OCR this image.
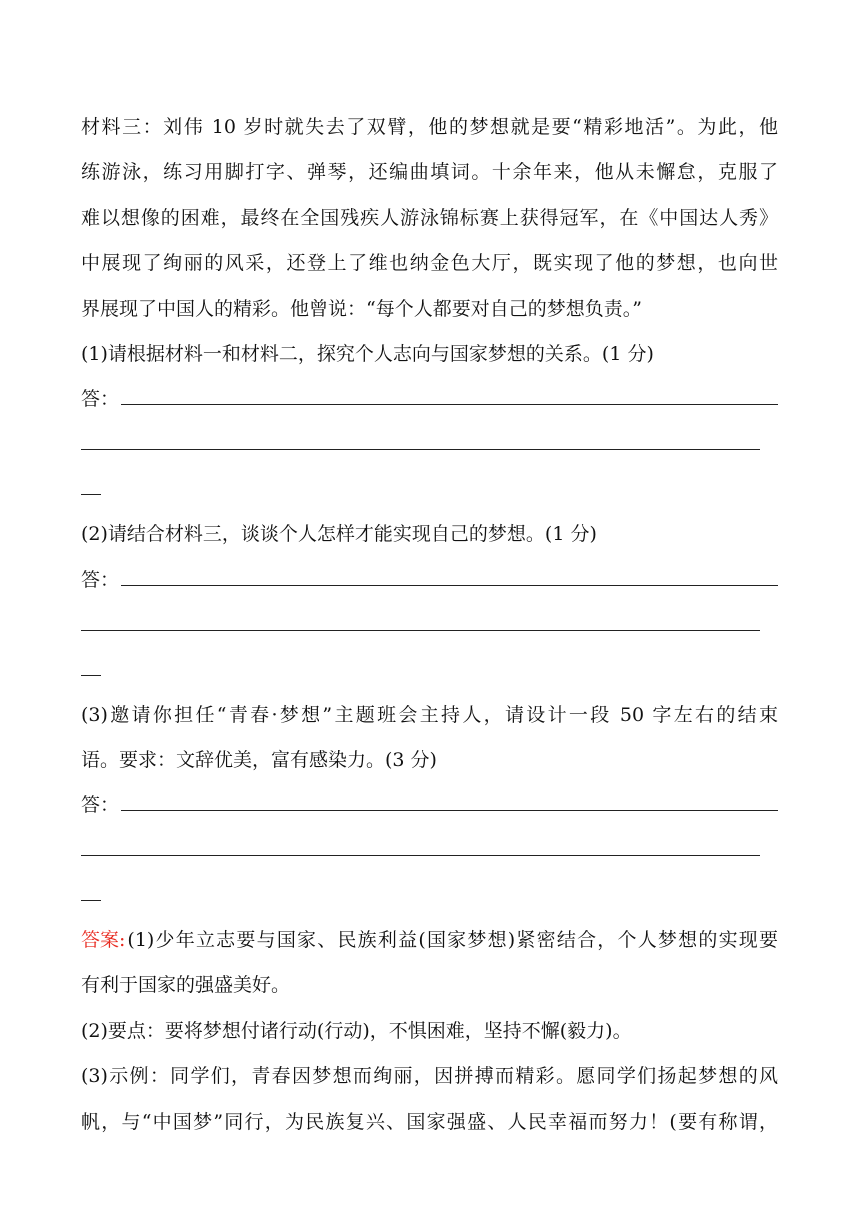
材料三：刘伟 10 岁时就失去了双臂，他的梦想就是要“精彩地活”。为此，他
练游泳，练习用脚打字、弹琴，还编曲填词。十余年来，他从未懈怠，克服了
难以想像的困难，最终在全国残疾人游泳锦标赛上获得冠军，在《中国达人秀》
中展现了绚丽的风采，还登上了维也纳金色大厅，既实现了他的梦想，也向世
界展现了中国人的精彩。他曾说：“每个人都要对自己的梦想负责。”
(1)请根据材料一和材料二，探究个人志向与国家梦想的关系。(1 分)
答：
(2)请结合材料三，谈谈个人怎样才能实现自己的梦想。(1 分)
答：
(3)邀请你担任“青春·梦想”主题班会主持人，请设计一段 50 字左右的结束
语。要求：文辞优美，富有感染力。(3 分)
答：
答案: (1)少年立志要与国家、民族利益(国家梦想)紧密结合，个人梦想的实现要
有利于国家的强盛美好。
(2)要点：要将梦想付诸行动(行动)，不惧困难，坚持不懈(毅力)。
(3)示例：同学们，青春因梦想而绚丽，因拼搏而精彩。愿同学们扬起梦想的风
帆，与“中国梦”同行，为民族复兴、国家强盛、人民幸福而努力！(要有称谓，
